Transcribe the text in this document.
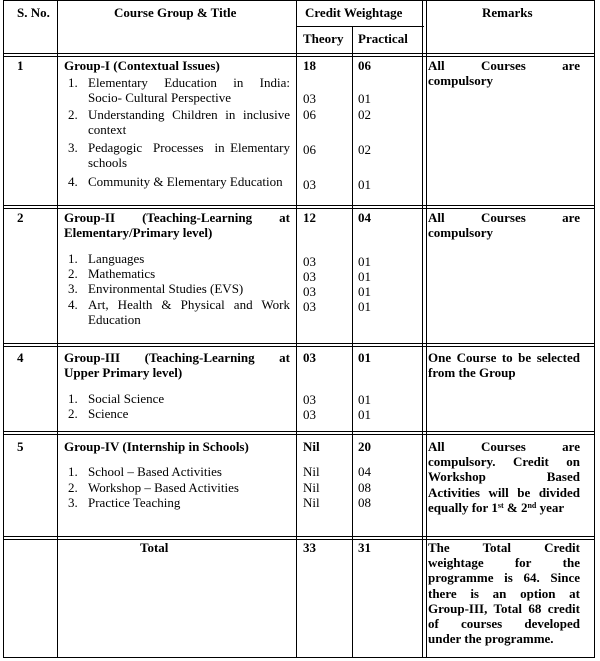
S. No.	Course Group & Title	Credit Weightage
Theory Practical
Remarks
1	Group-I (Contextual Issues)	18	06	All  Courses  are
compulsory
1. Elementary  Education  in  India:
Socio- Cultural Perspective	03	01
2. Understanding Children in inclusive
context
06	02
3. Pedagogic  Processes  in Elementary
schools
06	02
4. Community & Elementary Education 03	01
2	Group-II  (Teaching-Learning  at
Elementary/Primary level)
12	04	All  Courses  are
compulsory
1. Languages	03	01
2. Mathematics	03	01
3. Environmental Studies (EVS)	03	01
4. Art,  Health  &  Physical  and  Work
Education
03	01
4	Group-III  (Teaching-Learning  at
Upper Primary level)
03	01	One Course to be selected
from the Group
1. Social Science	03	01
2. Science	03	01
5	Group-IV (Internship in Schools)	Nil	20	All   Courses   are
compulsory.  Credit  on
Workshop    Based
Activities will be divided
equally for 1st & 2nd year
1. School – Based Activities	Nil	04
2. Workshop – Based Activities	Nil	08
3. Practice Teaching	Nil	08
Total	33	31	The   Total   Credit
weightage   for   the
programme is 64. Since
there  is  an  option  at
Group-III, Total 68 credit
of   courses   developed
under the programme.
